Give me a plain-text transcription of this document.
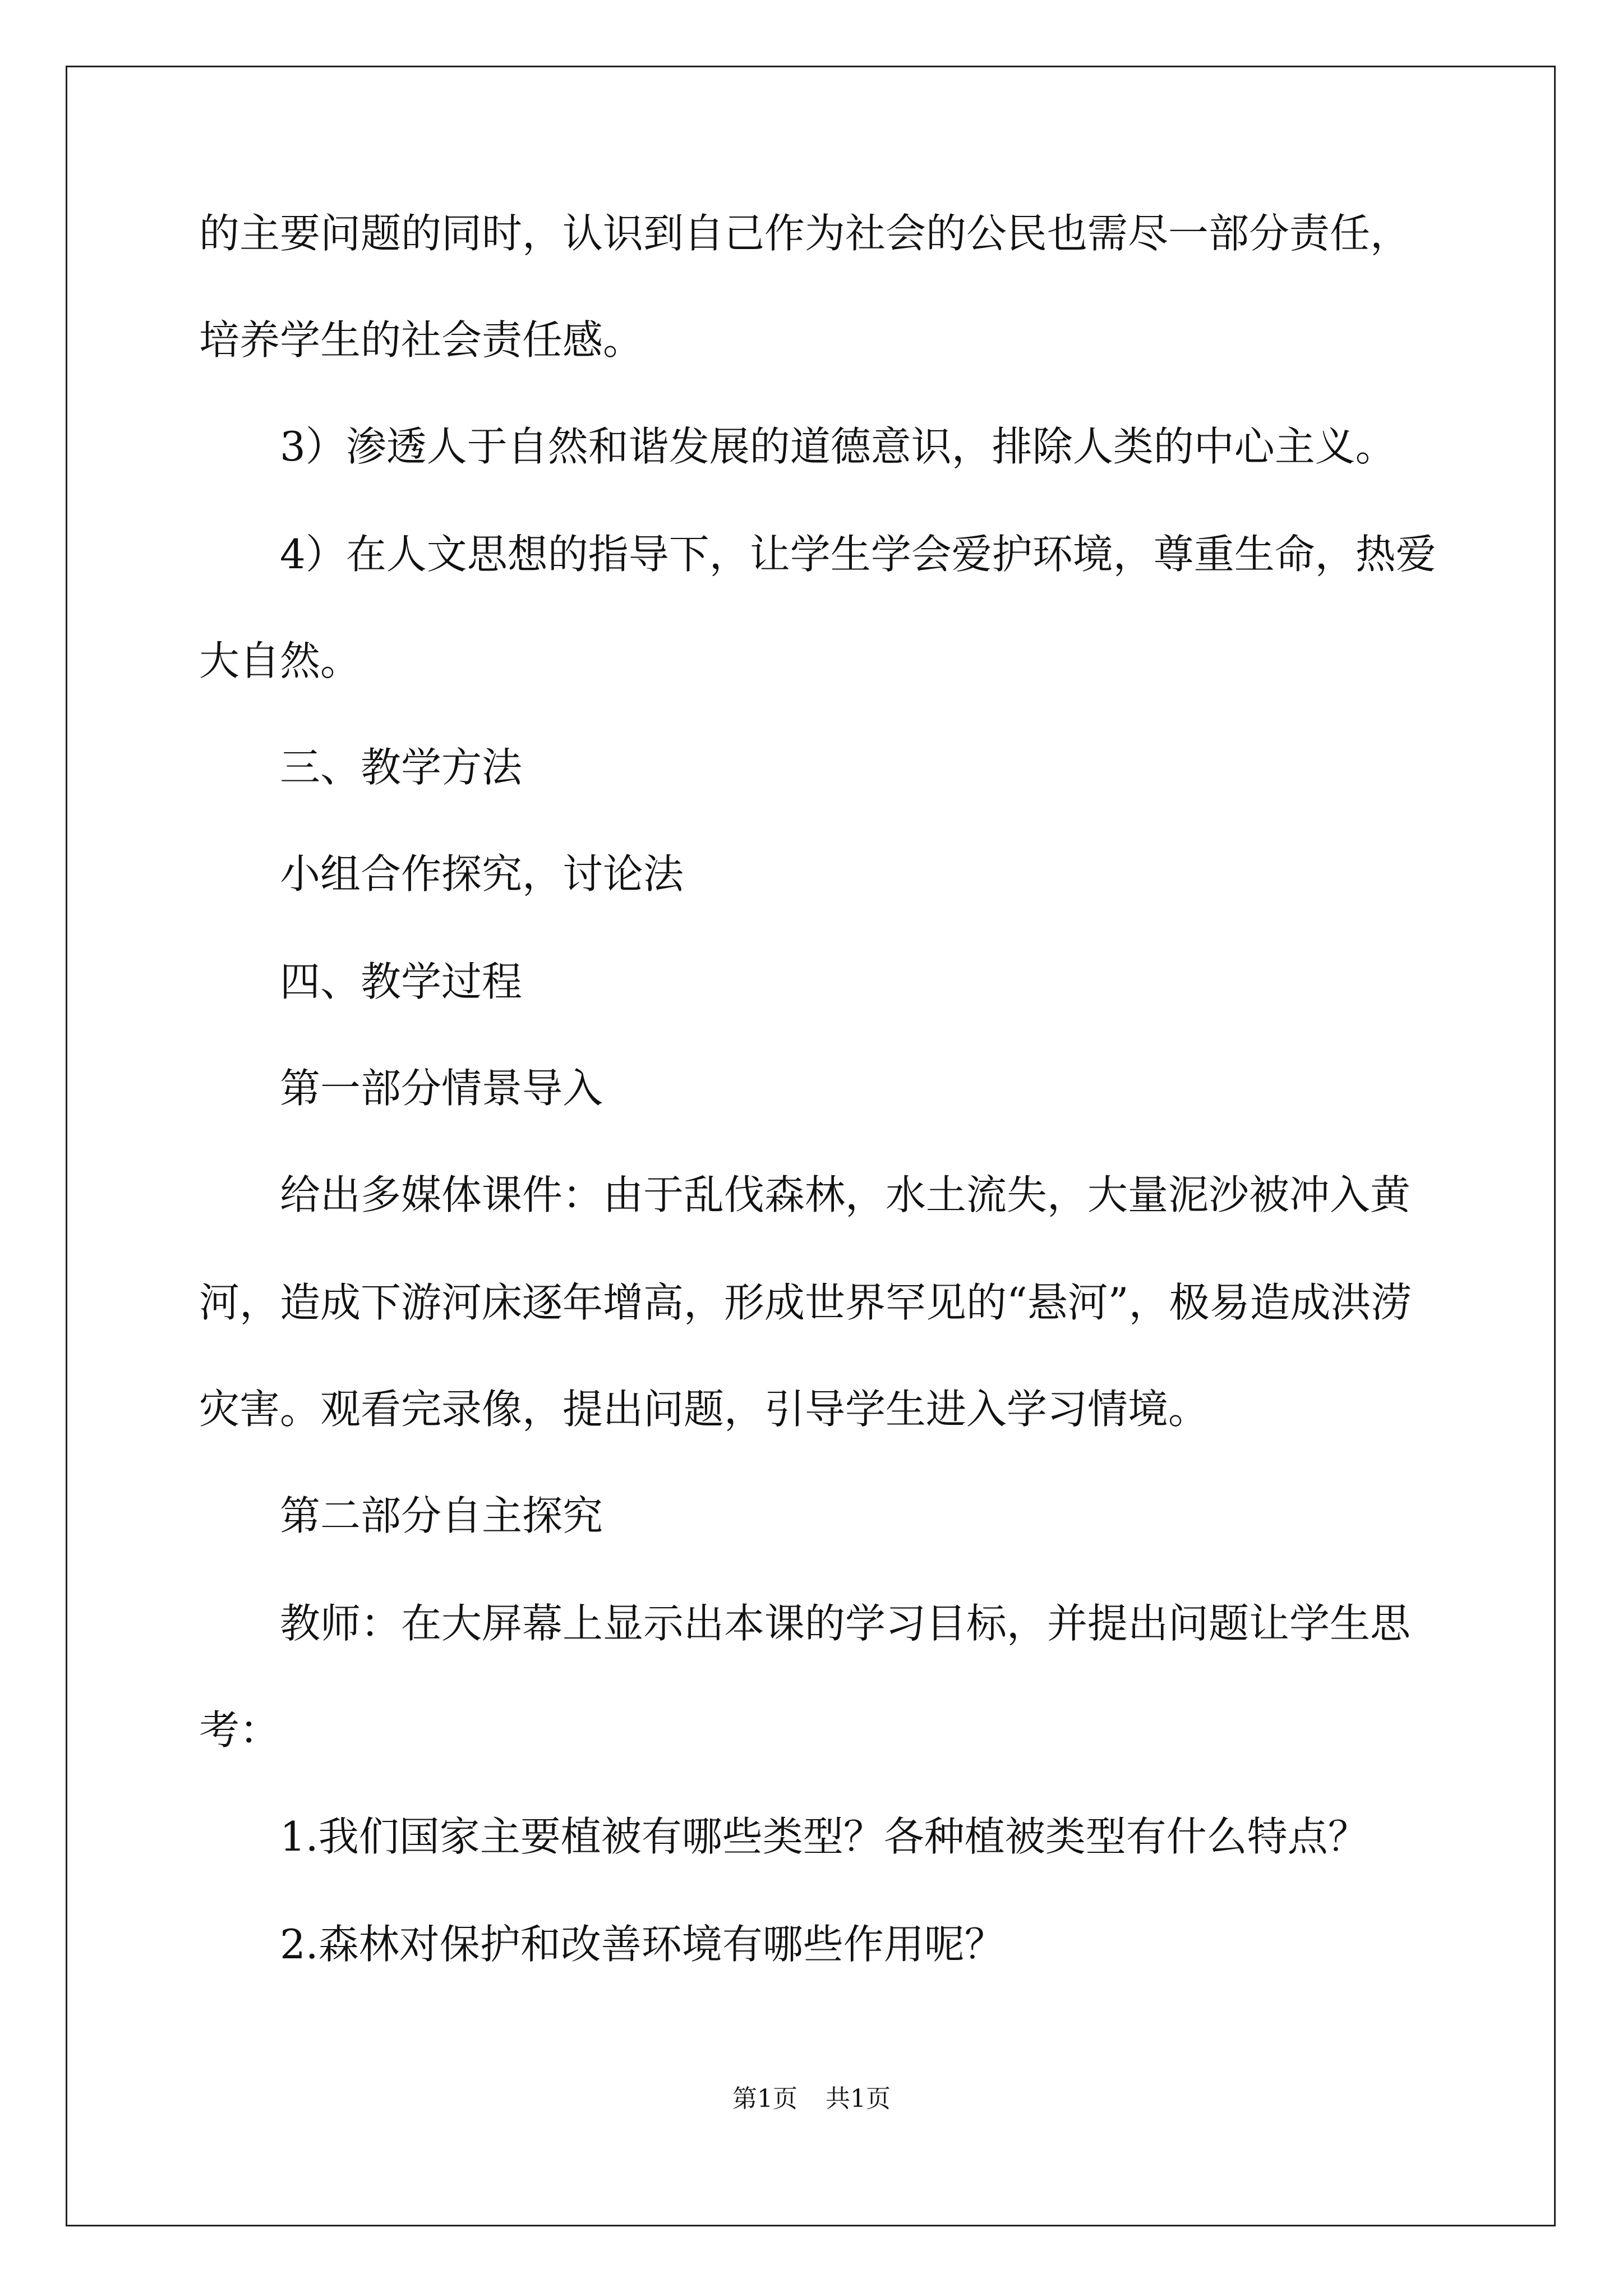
的主要问题的同时，认识到自己作为社会的公民也需尽一部分责任，
培养学生的社会责任感。
3）渗透人于自然和谐发展的道德意识，排除人类的中心主义。
4）在人文思想的指导下，让学生学会爱护环境，尊重生命，热爱
大自然。
三、教学方法
小组合作探究，讨论法
四、教学过程
第一部分情景导入
给出多媒体课件：由于乱伐森林，水土流失，大量泥沙被冲入黄
河，造成下游河床逐年增高，形成世界罕见的“悬河”，极易造成洪涝
灾害。观看完录像，提出问题，引导学生进入学习情境。
第二部分自主探究
教师：在大屏幕上显示出本课的学习目标，并提出问题让学生思
考：
1.我们国家主要植被有哪些类型？各种植被类型有什么特点？
2.森林对保护和改善环境有哪些作用呢？
第1页 共1页
